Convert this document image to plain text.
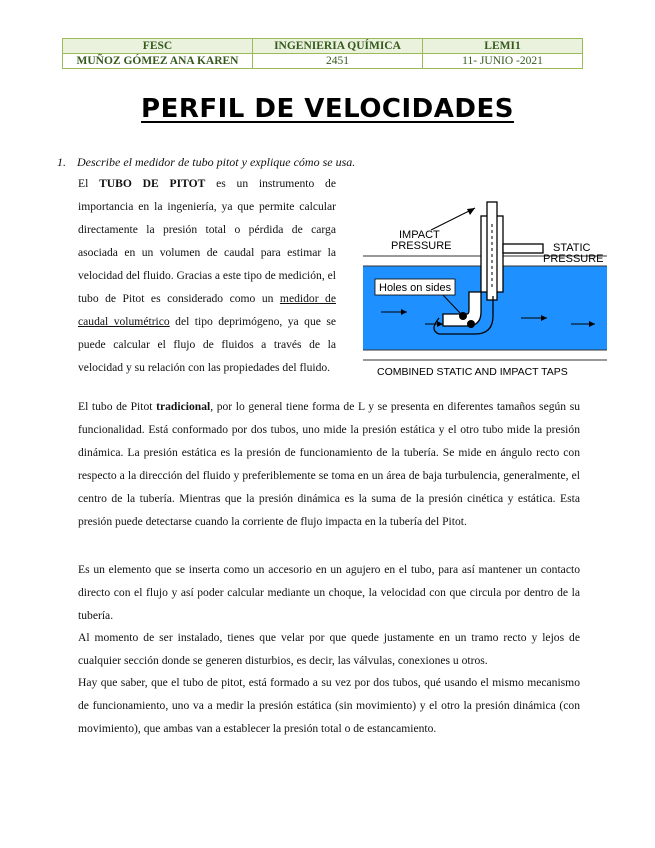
FESC	INGENIERIA QUÍMICA	LEMI1
MUÑOZ GÓMEZ ANA KAREN	2451	11- JUNIO -2021
PERFIL DE VELOCIDADES
1. Describe el medidor de tubo pitot y explique cómo se usa.
El TUBO DE PITOT es un instrumento de importancia en la ingeniería, ya que permite calcular directamente la presión total o pérdida de carga asociada en un volumen de caudal para estimar la velocidad del fluido. Gracias a este tipo de medición, el tubo de Pitot es considerado como un medidor de caudal volumétrico del tipo deprimógeno, ya que se puede calcular el flujo de fluidos a través de la velocidad y su relación con las propiedades del fluido.
IMPACT
PRESSURE	STATIC
PRESSURE
Holes on sides
COMBINED STATIC AND IMPACT TAPS
El tubo de Pitot tradicional, por lo general tiene forma de L y se presenta en diferentes tamaños según su funcionalidad. Está conformado por dos tubos, uno mide la presión estática y el otro tubo mide la presión dinámica. La presión estática es la presión de funcionamiento de la tubería. Se mide en ángulo recto con respecto a la dirección del fluido y preferiblemente se toma en un área de baja turbulencia, generalmente, el centro de la tubería. Mientras que la presión dinámica es la suma de la presión cinética y estática. Esta presión puede detectarse cuando la corriente de flujo impacta en la tubería del Pitot.
Es un elemento que se inserta como un accesorio en un agujero en el tubo, para así mantener un contacto directo con el flujo y así poder calcular mediante un choque, la velocidad con que circula por dentro de la tubería.
Al momento de ser instalado, tienes que velar por que quede justamente en un tramo recto y lejos de cualquier sección donde se generen disturbios, es decir, las válvulas, conexiones u otros.
Hay que saber, que el tubo de pitot, está formado a su vez por dos tubos, qué usando el mismo mecanismo de funcionamiento, uno va a medir la presión estática (sin movimiento) y el otro la presión dinámica (con movimiento), que ambas van a establecer la presión total o de estancamiento.
